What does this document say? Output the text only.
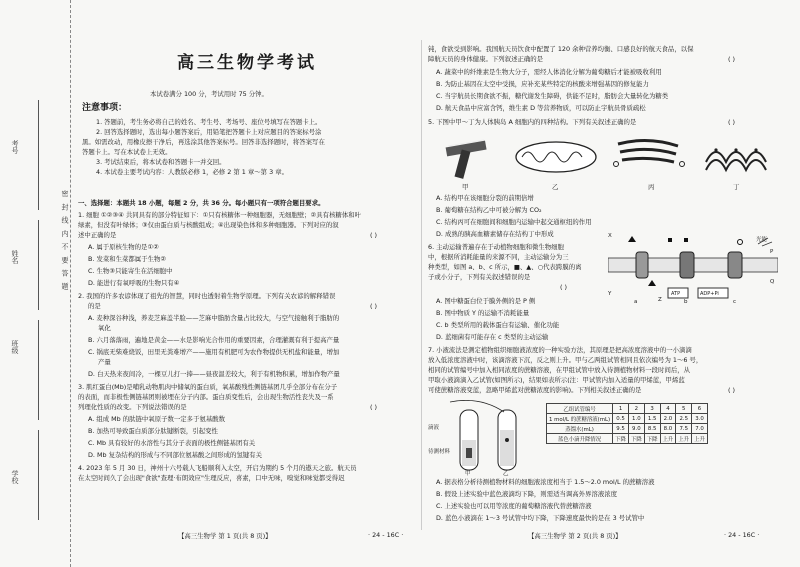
考号
姓名
班级
学校
密 封 线 内 不 要 答 题
高三生物学考试
本试卷满分 100 分，考试用时 75 分钟。
注意事项：
1. 答题前，考生务必将自己的姓名、考生号、考场号、座位号填写在答题卡上。
2. 回答选择题时，选出每小题答案后，用铅笔把答题卡上对应题目的答案标号涂
黑。如需改动，用橡皮擦干净后，再选涂其他答案标号。回答非选择题时，将答案写在
答题卡上。写在本试卷上无效。
3. 考试结束后，将本试卷和答题卡一并交回。
4. 本试卷主要考试内容：人教版必修 1，必修 2 第 1 章～第 3 章。
一、选择题：本题共 18 小题，每题 2 分，共 36 分。每小题只有一项符合题目要求。
1. 细胞 ①②③④ 共同具有的部分特征如下：①只有核糖体一种细胞器，无细胞壁；②具有核糖体和叶
绿素，但没有叶绿体；③仅由蛋白质与核酸组成；④出现染色体和多种细胞器。下列对应的叙
述中正确的是	( )
A. 属于原核生物的是①②
B. 发菜和生菜都属于生物②
C. 生物③只能寄生在活细胞中
D. 能进行有氧呼吸的生物只有④
2. 我国的许多农谚体现了祖先的智慧，同时也透射着生物学原理。下列有关农谚的解释错误
的是	( )
A. 麦种深谷种浅，养麦芝麻盖半脸——芝麻中脂肪含量占比较大，与空气接触利于脂肪的
氧化
B. 六月落落雨，遍地是黄金——水是影响光合作用的重要因素，合理灌溉有利于提高产量
C. 锅底无柴难烧饭，田里无粪难增产——施用有机肥可为农作物提供无机盐和能量，增加
产量
D. 白天热来夜间冷，一棵豆儿打一捧——昼夜温差较大，利于有机物积累，增加作物产量
3. 肌红蛋白(Mb)是哺乳动物肌肉中储氧的蛋白质，氧基酸残性侧链基团几乎全部分布在分子
的表面，而非极性侧链基团则被埋在分子内部。蛋白质变性后，会出现生物活性丧失及一系
列理化性质的改变。下列说法错误的是	( )
A. 组成 Mb 的肽链中氧原子数一定多于氨基酸数
B. 加热可导致蛋白质部分肽键断裂，引起变性
C. Mb 具有较好的水溶性与其分子表面的极性侧链基团有关
D. Mb 复杂结构的形成与不同部位氨基酸之间形成的氢键有关
4. 2023 年 5 月 30 日，神州十六号载人飞船顺利入太空，开启为期约 5 个月的遨天之旅。航天员
在太空时间久了会出现"食欲"查理·布朗效应"生理反应，喜素，口中无味，嗅觉和味觉都受得迟
【高三生物学 第 1 页(共 8 页)】	· 24 - 16C ·
钝，食欲受到影响。我国航天员饮食中配置了 120 余种营养均衡、口感良好的航天食品，以保
障航天员的身体健康。下列叙述正确的是	( )
A. 蔬菜中的纤维素是生物大分子，需经人体消化分解为葡萄糖后才能被吸收利用
B. 为防止基因在太空中受损，应补充某些特定的核酸来增强基因的修复能力
C. 当宇航员长期食欲不振，糖代谢发生障碍，供能不足时，脂肪会大量转化为糖类
D. 航天食品中应富含钙，维生素 D 等营养物质，可以防止宇航员骨质疏松
5. 下图中甲～丁为人体胰岛 A 细胞内的四种结构。下列有关叙述正确的是	( )
甲	乙	丙	丁
A. 结构甲在该细胞分裂的前期倍增
B. 葡萄糖在结构乙中可被分解为 CO₂
C. 结构丙可在细胞间和细胞内运输中起交通枢纽的作用
D. 成熟的胰高血糖素储存在结构丁中形成
6. 主动运输普遍存在于动植物细胞和微生物细胞
中，根据所消耗能量的来源不同，主动运输分为三
种类型，如图 a、b、c 所示，■、▲、○代表跨膜的离
子或小分子，下列有关叙述错误的是
( )
X
Y
Z
a	b	c
ATP	ADP+Pi
P
Q
光能
A. 图中糖蛋白位于膜外侧的是 P 侧
B. 图中物质 Y 的运输不消耗能量
C. b 类型所用的载体蛋白有运输、催化功能
D. 蓝细菌有可能存在 c 类型的主动运输
7. 小液流法是测定植物组织细胞液浓度的一种实验方法，其原理是把高浓度溶液中的一小滴滴
放入低浓度溶液中时，该滴溶液下沉，反之则上升。甲与乙两组试管相同且依次编号为 1～6 号，
相同的试管编号中加入相同浓度的蔗糖溶液，在甲组试管中放入待测植物材料一段时间后，从
甲取小液滴滴入乙试管(如图所示)，结果如表所示(注：甲试管内加入适量的甲烯蓝，甲烯蓝
可使蔗糖溶液变蓝，忽略甲烯蓝对蔗糖浓度的影响)。下列相关叙述正确的是	( )
滴液
甲	乙
待测材料
乙组试管编号	1	2	3	4	5	6
1 mol/L 的蔗糖溶液(mL)	0.5	1.0	1.5	2.0	2.5	3.0
蒸馏水(mL)	9.5	9.0	8.5	8.0	7.5	7.0
蓝色小滴升降情况	下降	下降	下降	上升	上升	上升
A. 据表格分析待测植物材料的细胞液浓度相当于 1.5～2.0 mol/L 的蔗糖溶液
B. 假设上述实验中蓝色液滴均下降，则需适当调高外界溶液浓度
C. 上述实验也可以用等浓度的葡萄糖溶液代替蔗糖溶液
D. 蓝色小液滴在 1～3 号试管中均下降，下降速度最快的是在 3 号试管中
【高三生物学 第 2 页(共 8 页)】	· 24 - 16C ·
